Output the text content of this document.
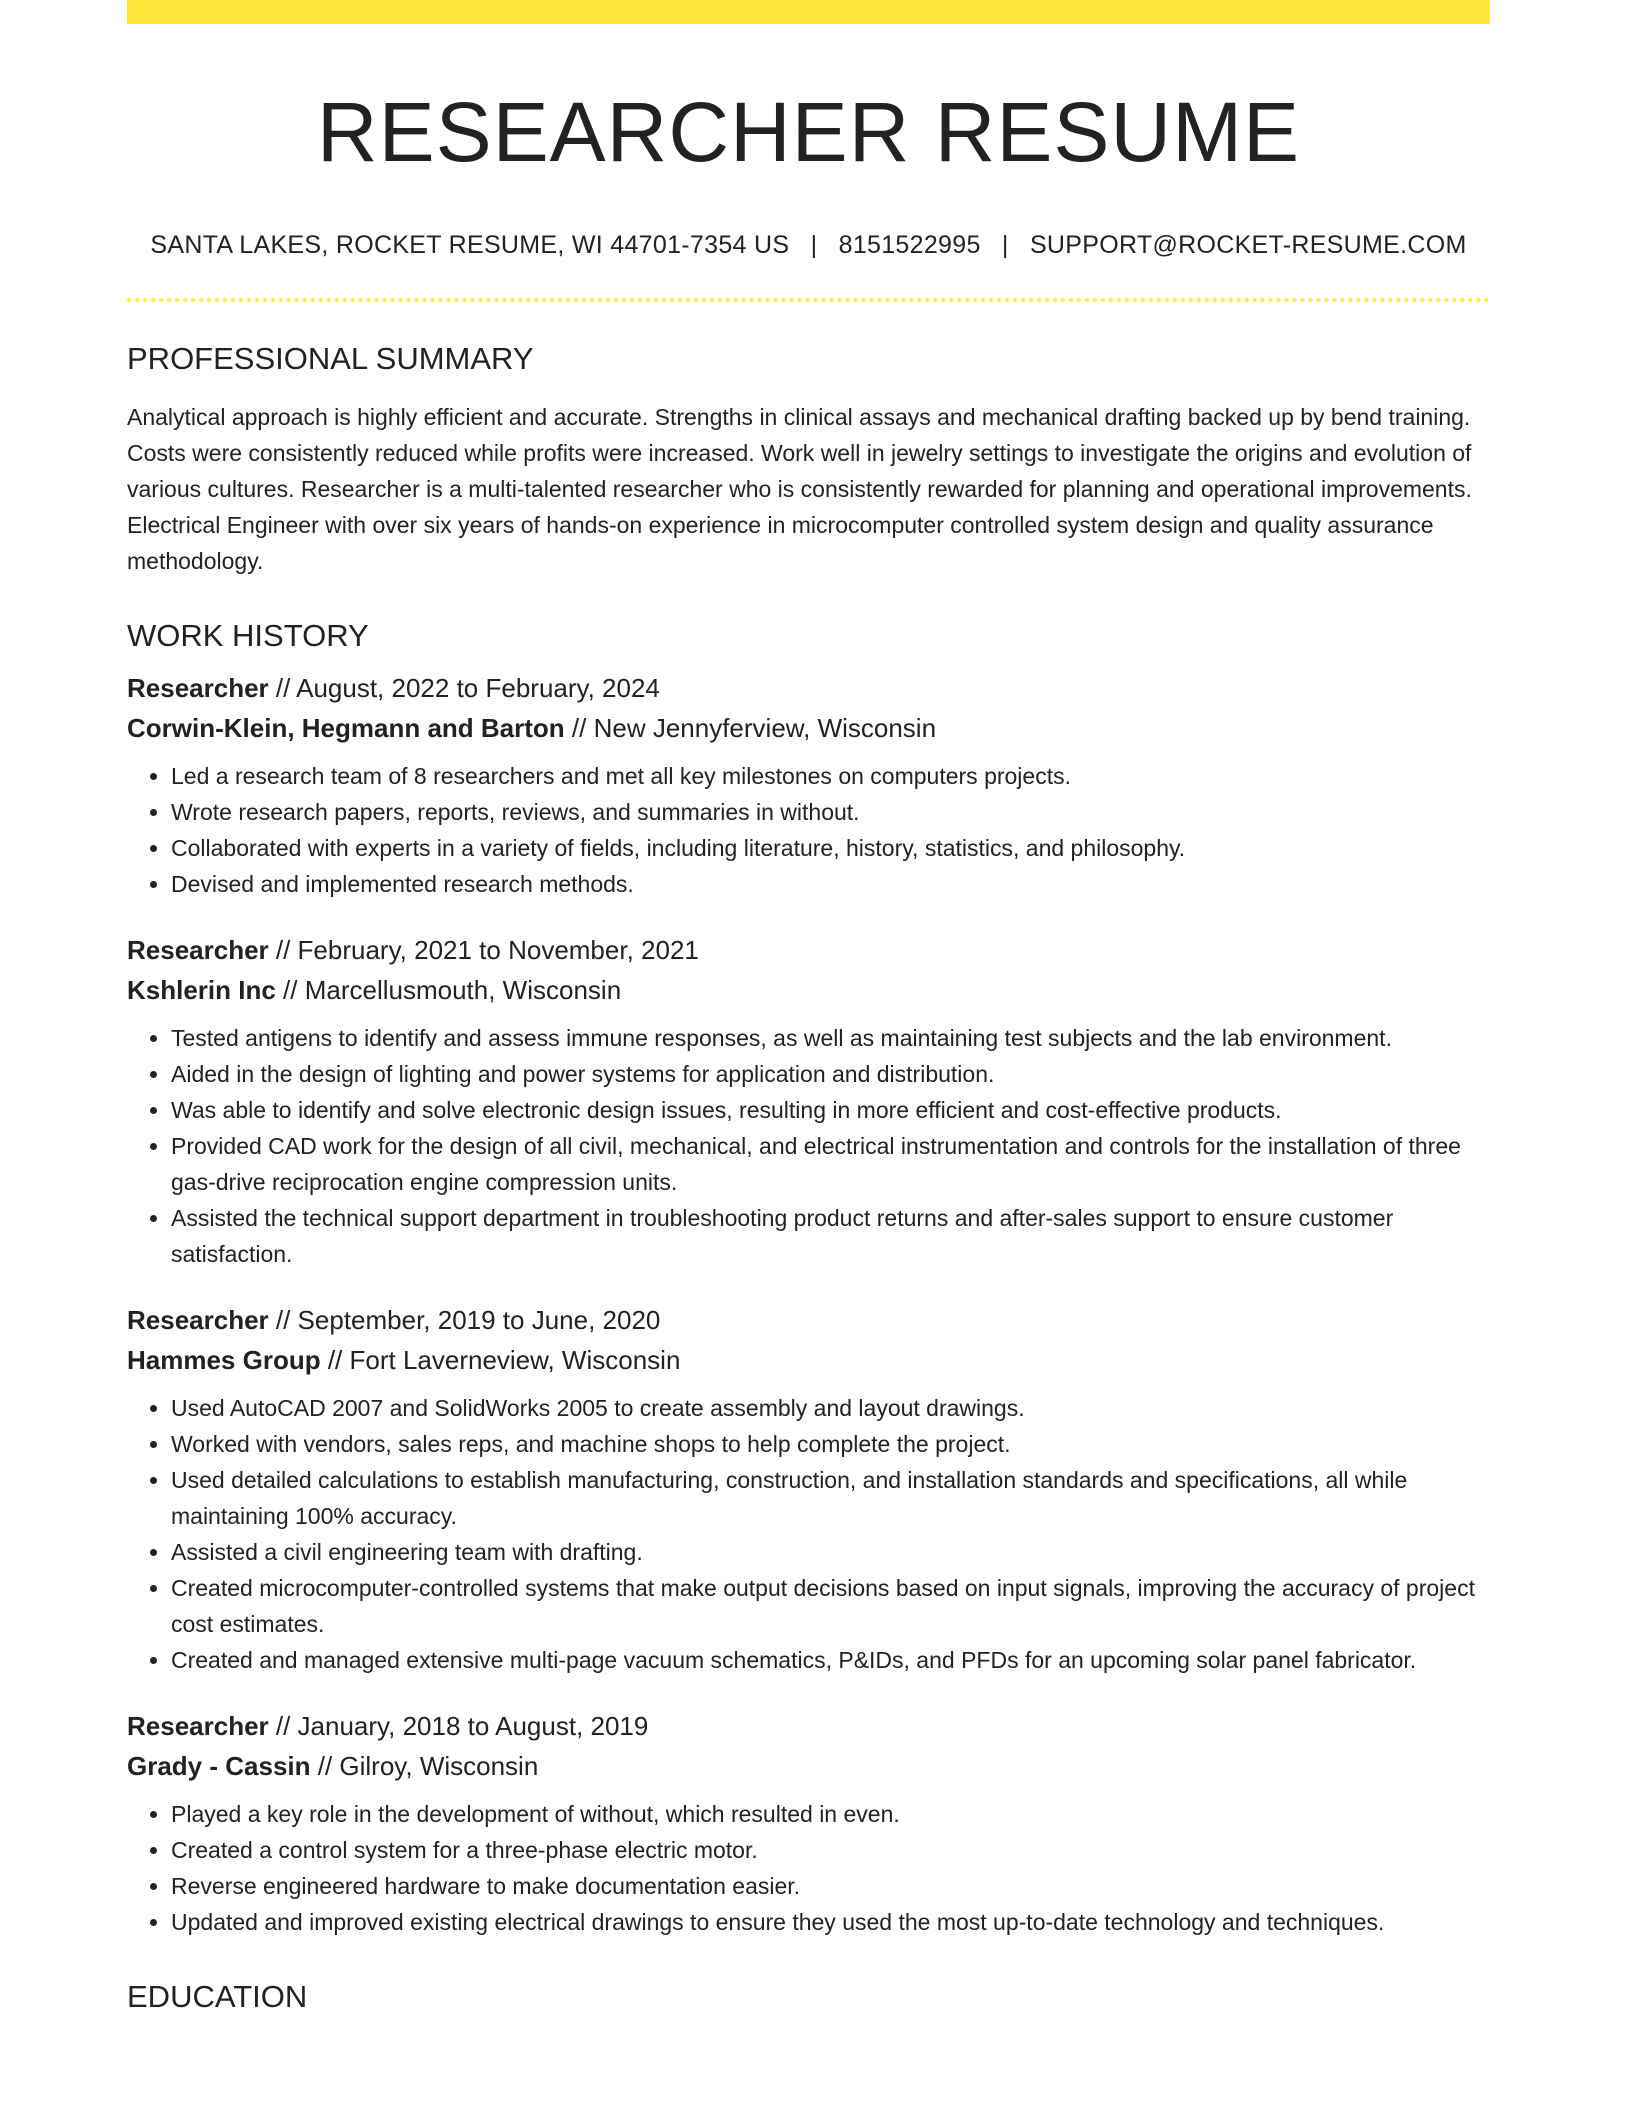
RESEARCHER RESUME
SANTA LAKES, ROCKET RESUME, WI 44701-7354 US | 8151522995 | SUPPORT@ROCKET-RESUME.COM
PROFESSIONAL SUMMARY
Analytical approach is highly efficient and accurate. Strengths in clinical assays and mechanical drafting backed up by bend training. Costs were consistently reduced while profits were increased. Work well in jewelry settings to investigate the origins and evolution of various cultures. Researcher is a multi-talented researcher who is consistently rewarded for planning and operational improvements. Electrical Engineer with over six years of hands-on experience in microcomputer controlled system design and quality assurance methodology.
WORK HISTORY
Researcher // August, 2022 to February, 2024
Corwin-Klein, Hegmann and Barton // New Jennyferview, Wisconsin
• Led a research team of 8 researchers and met all key milestones on computers projects.
• Wrote research papers, reports, reviews, and summaries in without.
• Collaborated with experts in a variety of fields, including literature, history, statistics, and philosophy.
• Devised and implemented research methods.
Researcher // February, 2021 to November, 2021
Kshlerin Inc // Marcellusmouth, Wisconsin
• Tested antigens to identify and assess immune responses, as well as maintaining test subjects and the lab environment.
• Aided in the design of lighting and power systems for application and distribution.
• Was able to identify and solve electronic design issues, resulting in more efficient and cost-effective products.
• Provided CAD work for the design of all civil, mechanical, and electrical instrumentation and controls for the installation of three gas-drive reciprocation engine compression units.
• Assisted the technical support department in troubleshooting product returns and after-sales support to ensure customer satisfaction.
Researcher // September, 2019 to June, 2020
Hammes Group // Fort Laverneview, Wisconsin
• Used AutoCAD 2007 and SolidWorks 2005 to create assembly and layout drawings.
• Worked with vendors, sales reps, and machine shops to help complete the project.
• Used detailed calculations to establish manufacturing, construction, and installation standards and specifications, all while maintaining 100% accuracy.
• Assisted a civil engineering team with drafting.
• Created microcomputer-controlled systems that make output decisions based on input signals, improving the accuracy of project cost estimates.
• Created and managed extensive multi-page vacuum schematics, P&IDs, and PFDs for an upcoming solar panel fabricator.
Researcher // January, 2018 to August, 2019
Grady - Cassin // Gilroy, Wisconsin
• Played a key role in the development of without, which resulted in even.
• Created a control system for a three-phase electric motor.
• Reverse engineered hardware to make documentation easier.
• Updated and improved existing electrical drawings to ensure they used the most up-to-date technology and techniques.
EDUCATION
